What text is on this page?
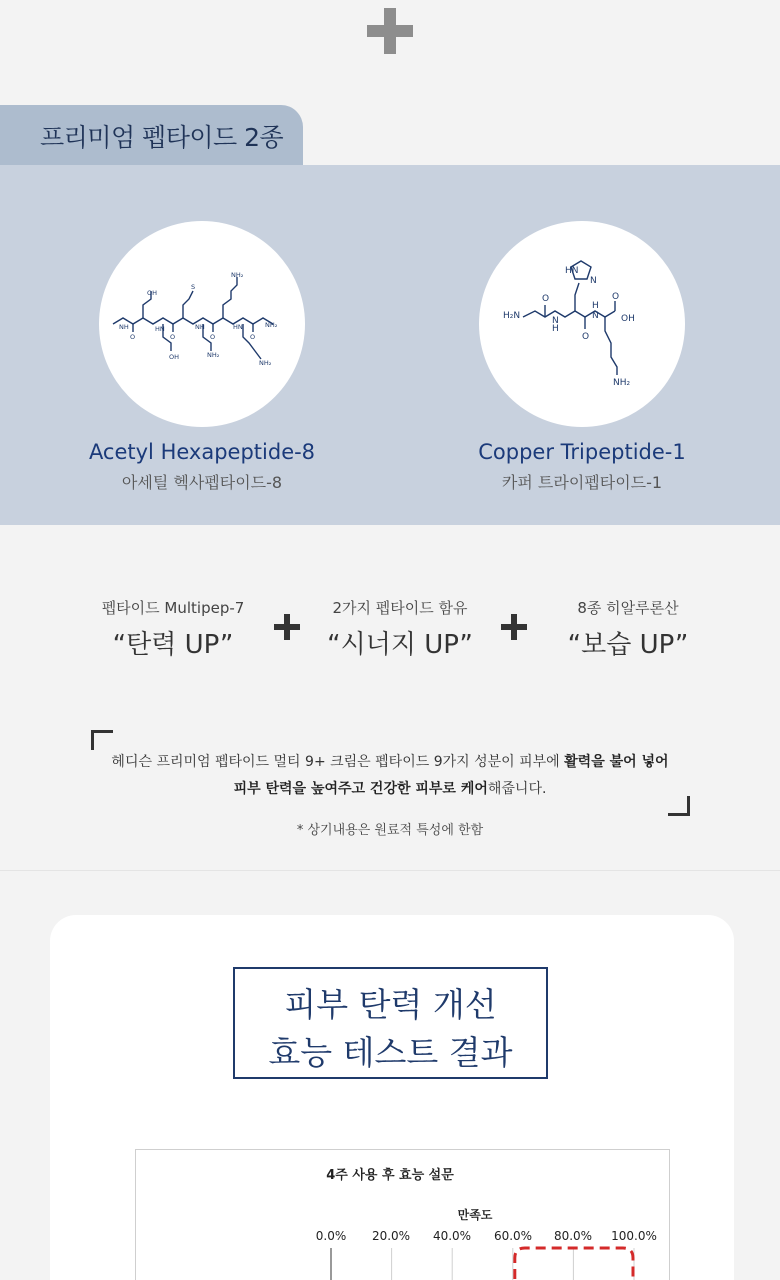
프리미엄 펩타이드 2종
OH
NH	HN
OH	NH₂
NH
NH₂
HN
NH₂
NH₂
O	O	O	O
S
HN
N
H₂N
H
N
O
O
N
H
O
OH
NH₂
Acetyl Hexapeptide-8
아세틸 헥사펩타이드-8
Copper Tripeptide-1
카퍼 트라이펩타이드-1
펩타이드 Multipep-7
“탄력 UP”
2가지 펩타이드 함유
“시너지 UP”
8종 히알루론산
“보습 UP”
헤디슨 프리미엄 펩타이드 멀티 9+ 크림은 펩타이드 9가지 성분이 피부에 활력을 불어 넣어
피부 탄력을 높여주고 건강한 피부로 케어해줍니다.
* 상기내용은 원료적 특성에 한함
피부 탄력 개선
효능 테스트 결과
4주 사용 후 효능 설문
만족도
0.0%	20.0%	40.0%	60.0%	80.0%	100.0%
